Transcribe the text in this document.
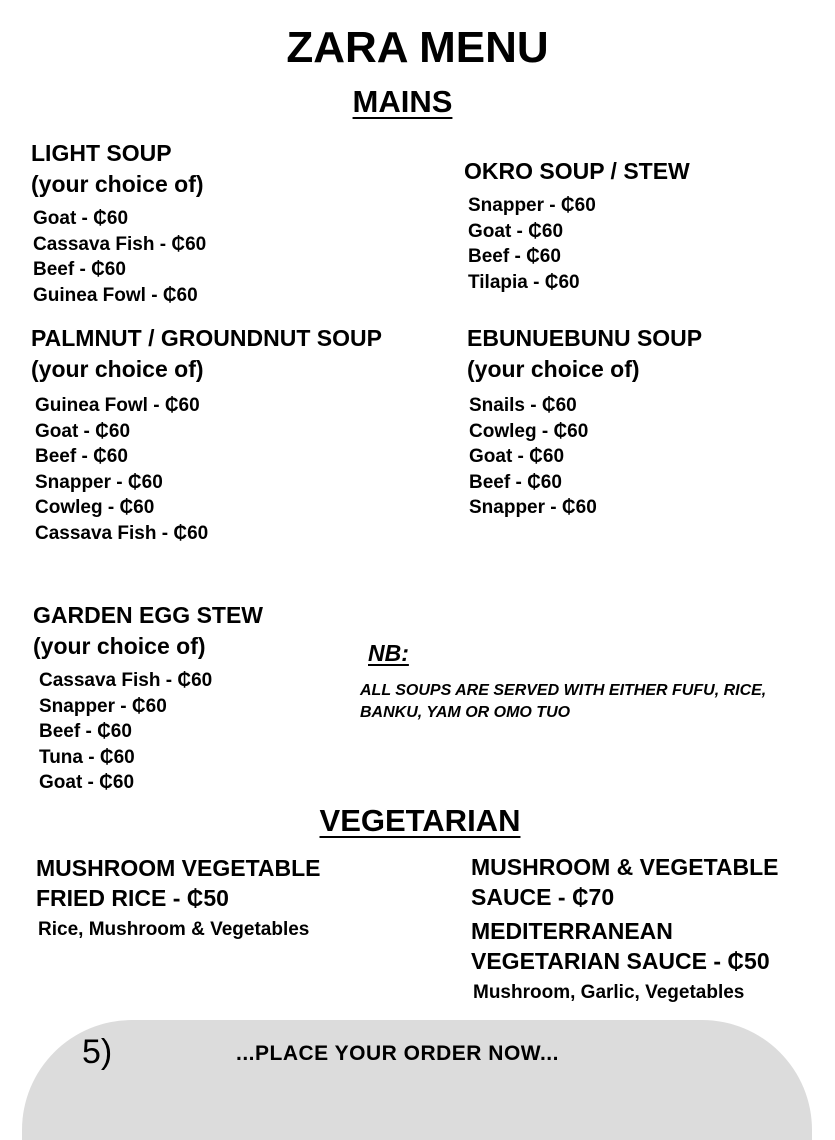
ZARA MENU
MAINS
LIGHT SOUP
(your choice of)
Goat - ₵60
Cassava Fish - ₵60
Beef - ₵60
Guinea Fowl - ₵60
OKRO SOUP / STEW
Snapper - ₵60
Goat - ₵60
Beef - ₵60
Tilapia - ₵60
PALMNUT / GROUNDNUT SOUP
(your choice of)
Guinea Fowl - ₵60
Goat - ₵60
Beef - ₵60
Snapper - ₵60
Cowleg - ₵60
Cassava Fish - ₵60
EBUNUEBUNU SOUP
(your choice of)
Snails - ₵60
Cowleg - ₵60
Goat - ₵60
Beef - ₵60
Snapper - ₵60
GARDEN EGG STEW
(your choice of)
Cassava Fish - ₵60
Snapper - ₵60
Beef - ₵60
Tuna - ₵60
Goat - ₵60
NB:
ALL SOUPS ARE SERVED WITH EITHER FUFU, RICE, BANKU, YAM OR OMO TUO
VEGETARIAN
MUSHROOM VEGETABLE
FRIED RICE - ₵50
Rice, Mushroom & Vegetables
MUSHROOM & VEGETABLE
SAUCE - ₵70
MEDITERRANEAN
VEGETARIAN SAUCE - ₵50
Mushroom, Garlic, Vegetables
5)	...PLACE YOUR ORDER NOW...
